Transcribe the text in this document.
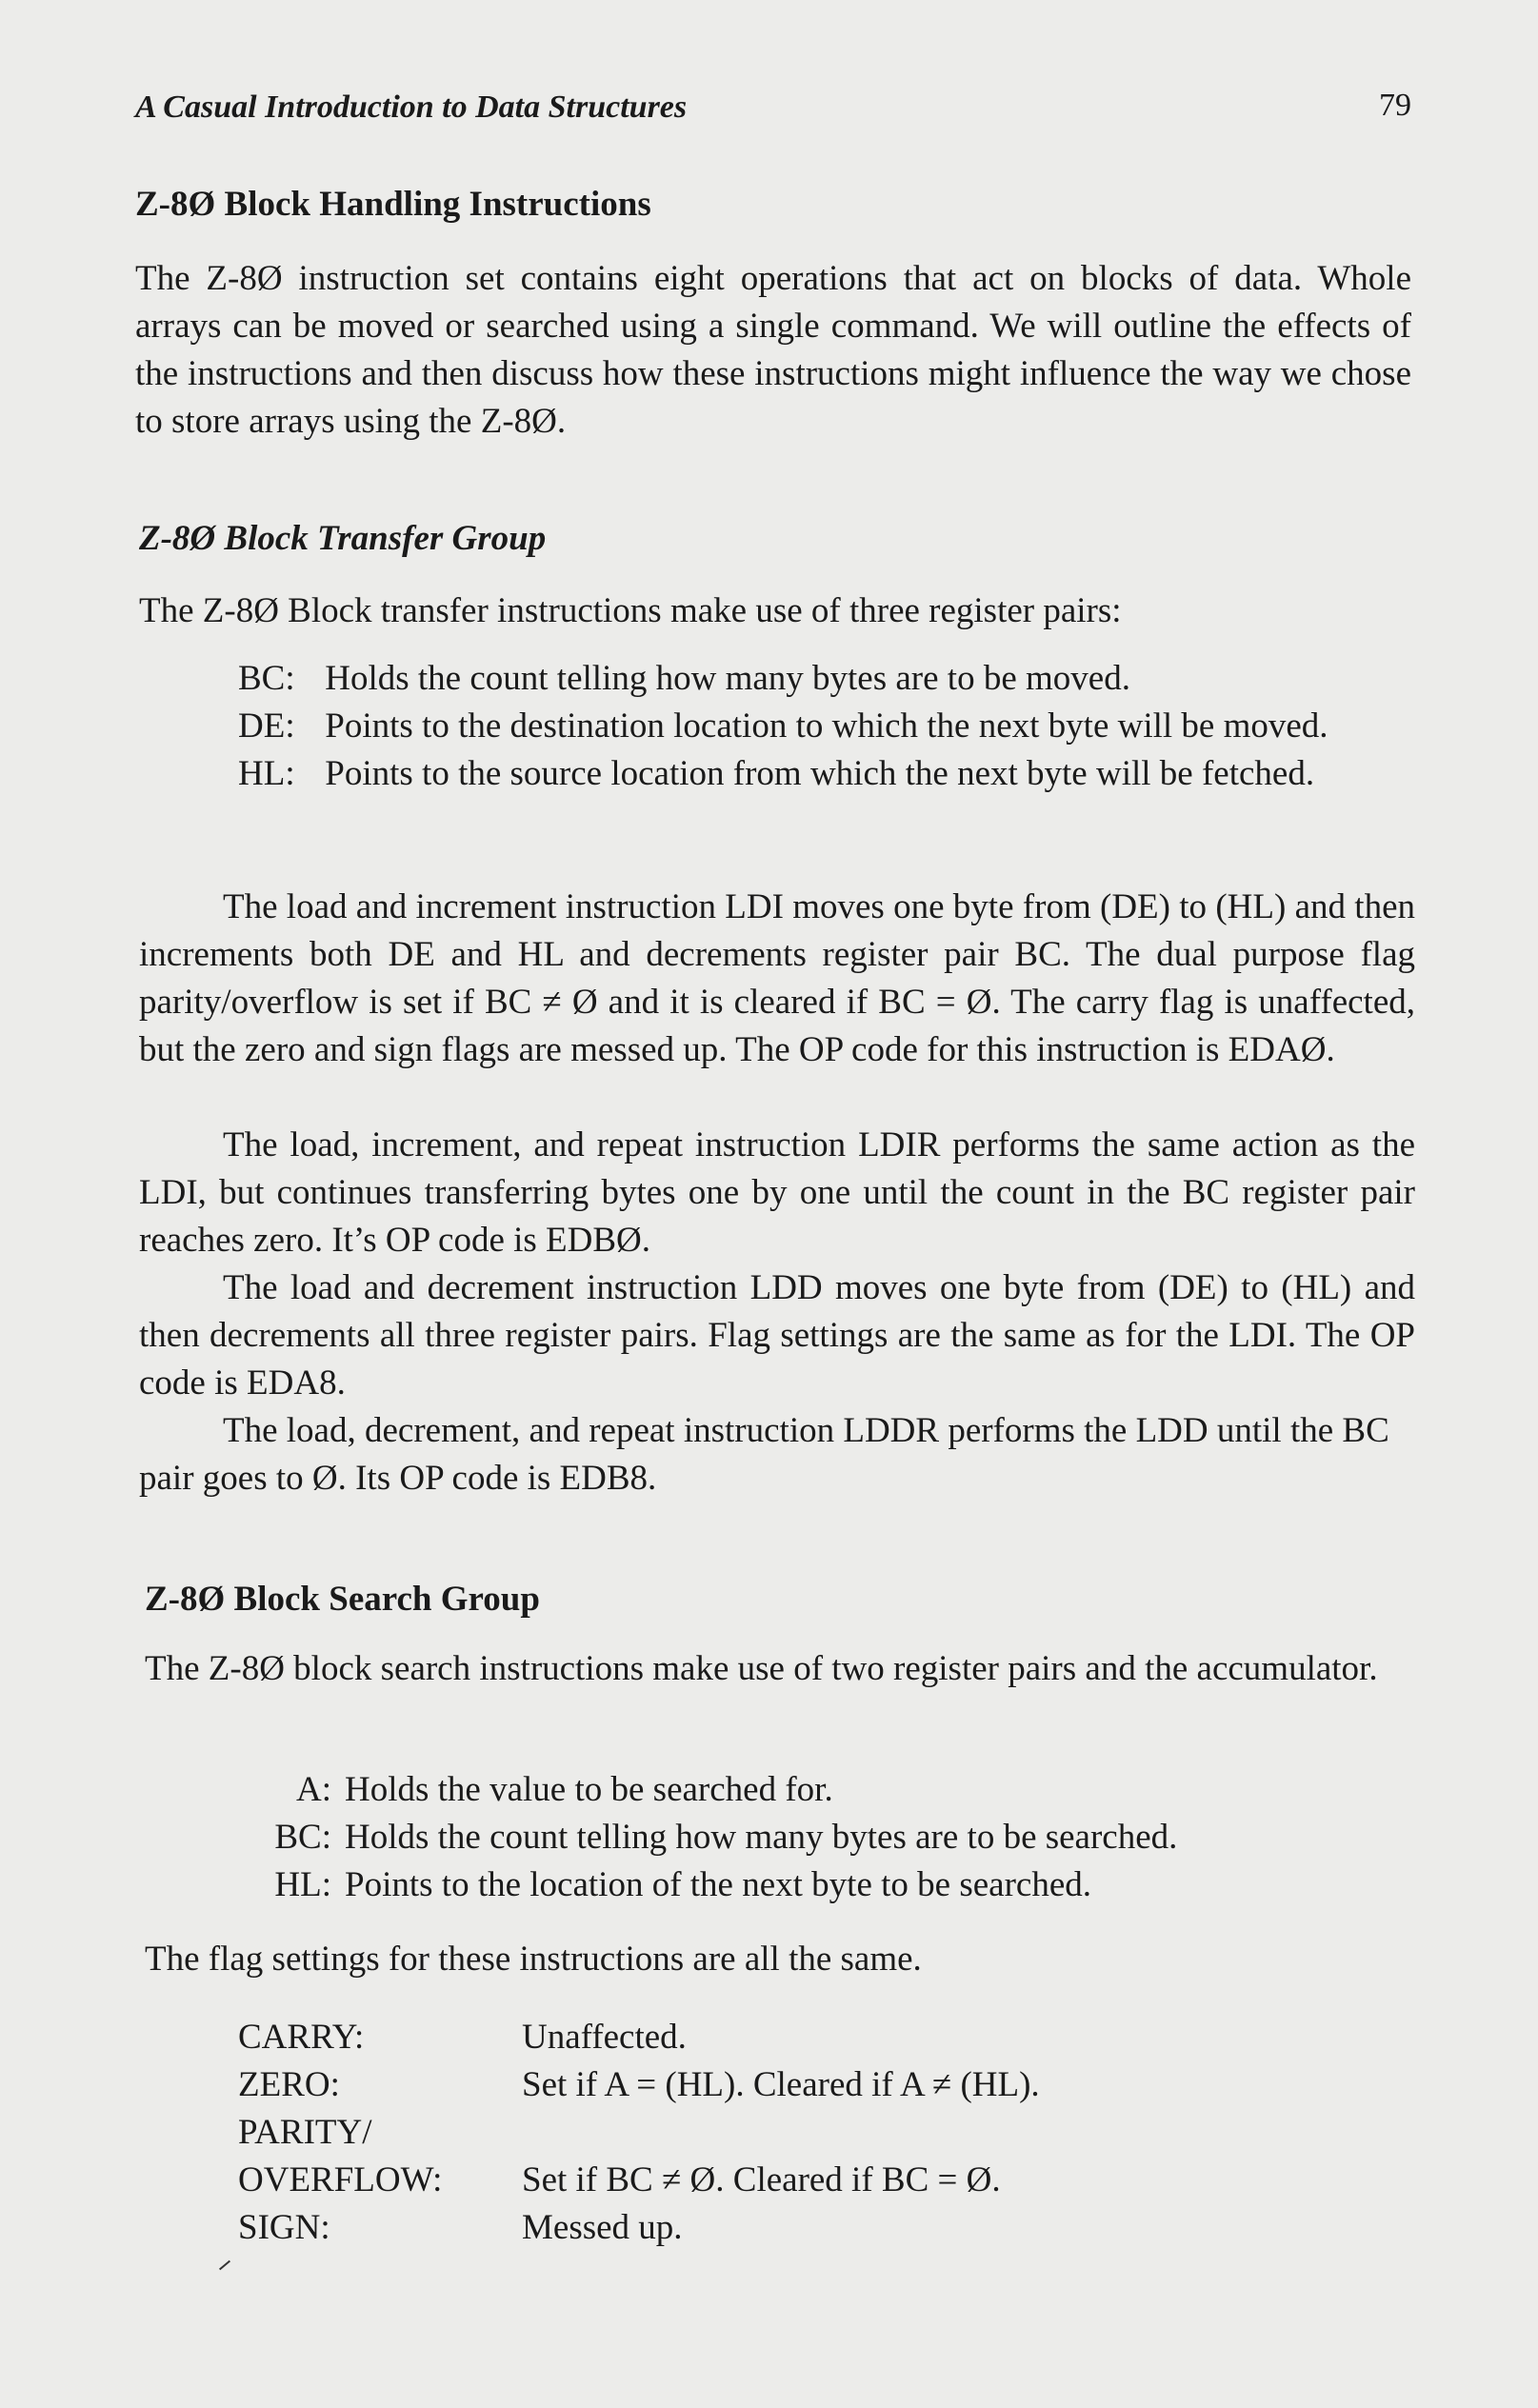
A Casual Introduction to Data Structures	79
Z-8Ø Block Handling Instructions
The Z-8Ø instruction set contains eight operations that act on blocks of data. Whole arrays can be moved or searched using a single command. We will outline the effects of the instructions and then discuss how these instructions might influence the way we chose to store arrays using the Z-8Ø.
Z-8Ø Block Transfer Group
The Z-8Ø Block transfer instructions make use of three register pairs:
BC: Holds the count telling how many bytes are to be moved.
DE: Points to the destination location to which the next byte will be moved.
HL: Points to the source location from which the next byte will be fetched.
The load and increment instruction LDI moves one byte from (DE) to (HL) and then increments both DE and HL and decrements register pair BC. The dual purpose flag parity/overflow is set if BC ≠ Ø and it is cleared if BC = Ø. The carry flag is unaffected, but the zero and sign flags are messed up. The OP code for this instruction is EDAØ.
The load, increment, and repeat instruction LDIR performs the same action as the LDI, but continues transferring bytes one by one until the count in the BC register pair reaches zero. It’s OP code is EDBØ.
The load and decrement instruction LDD moves one byte from (DE) to (HL) and then decrements all three register pairs. Flag settings are the same as for the LDI. The OP code is EDA8.
The load, decrement, and repeat instruction LDDR performs the LDD until the BC pair goes to Ø. Its OP code is EDB8.
Z-8Ø Block Search Group
The Z-8Ø block search instructions make use of two register pairs and the accumulator.
A: Holds the value to be searched for.
BC: Holds the count telling how many bytes are to be searched.
HL: Points to the location of the next byte to be searched.
The flag settings for these instructions are all the same.
CARRY:	Unaffected.
ZERO:	Set if A = (HL). Cleared if A ≠ (HL).
PARITY/
OVERFLOW:	Set if BC ≠ Ø. Cleared if BC = Ø.
SIGN:	Messed up.
